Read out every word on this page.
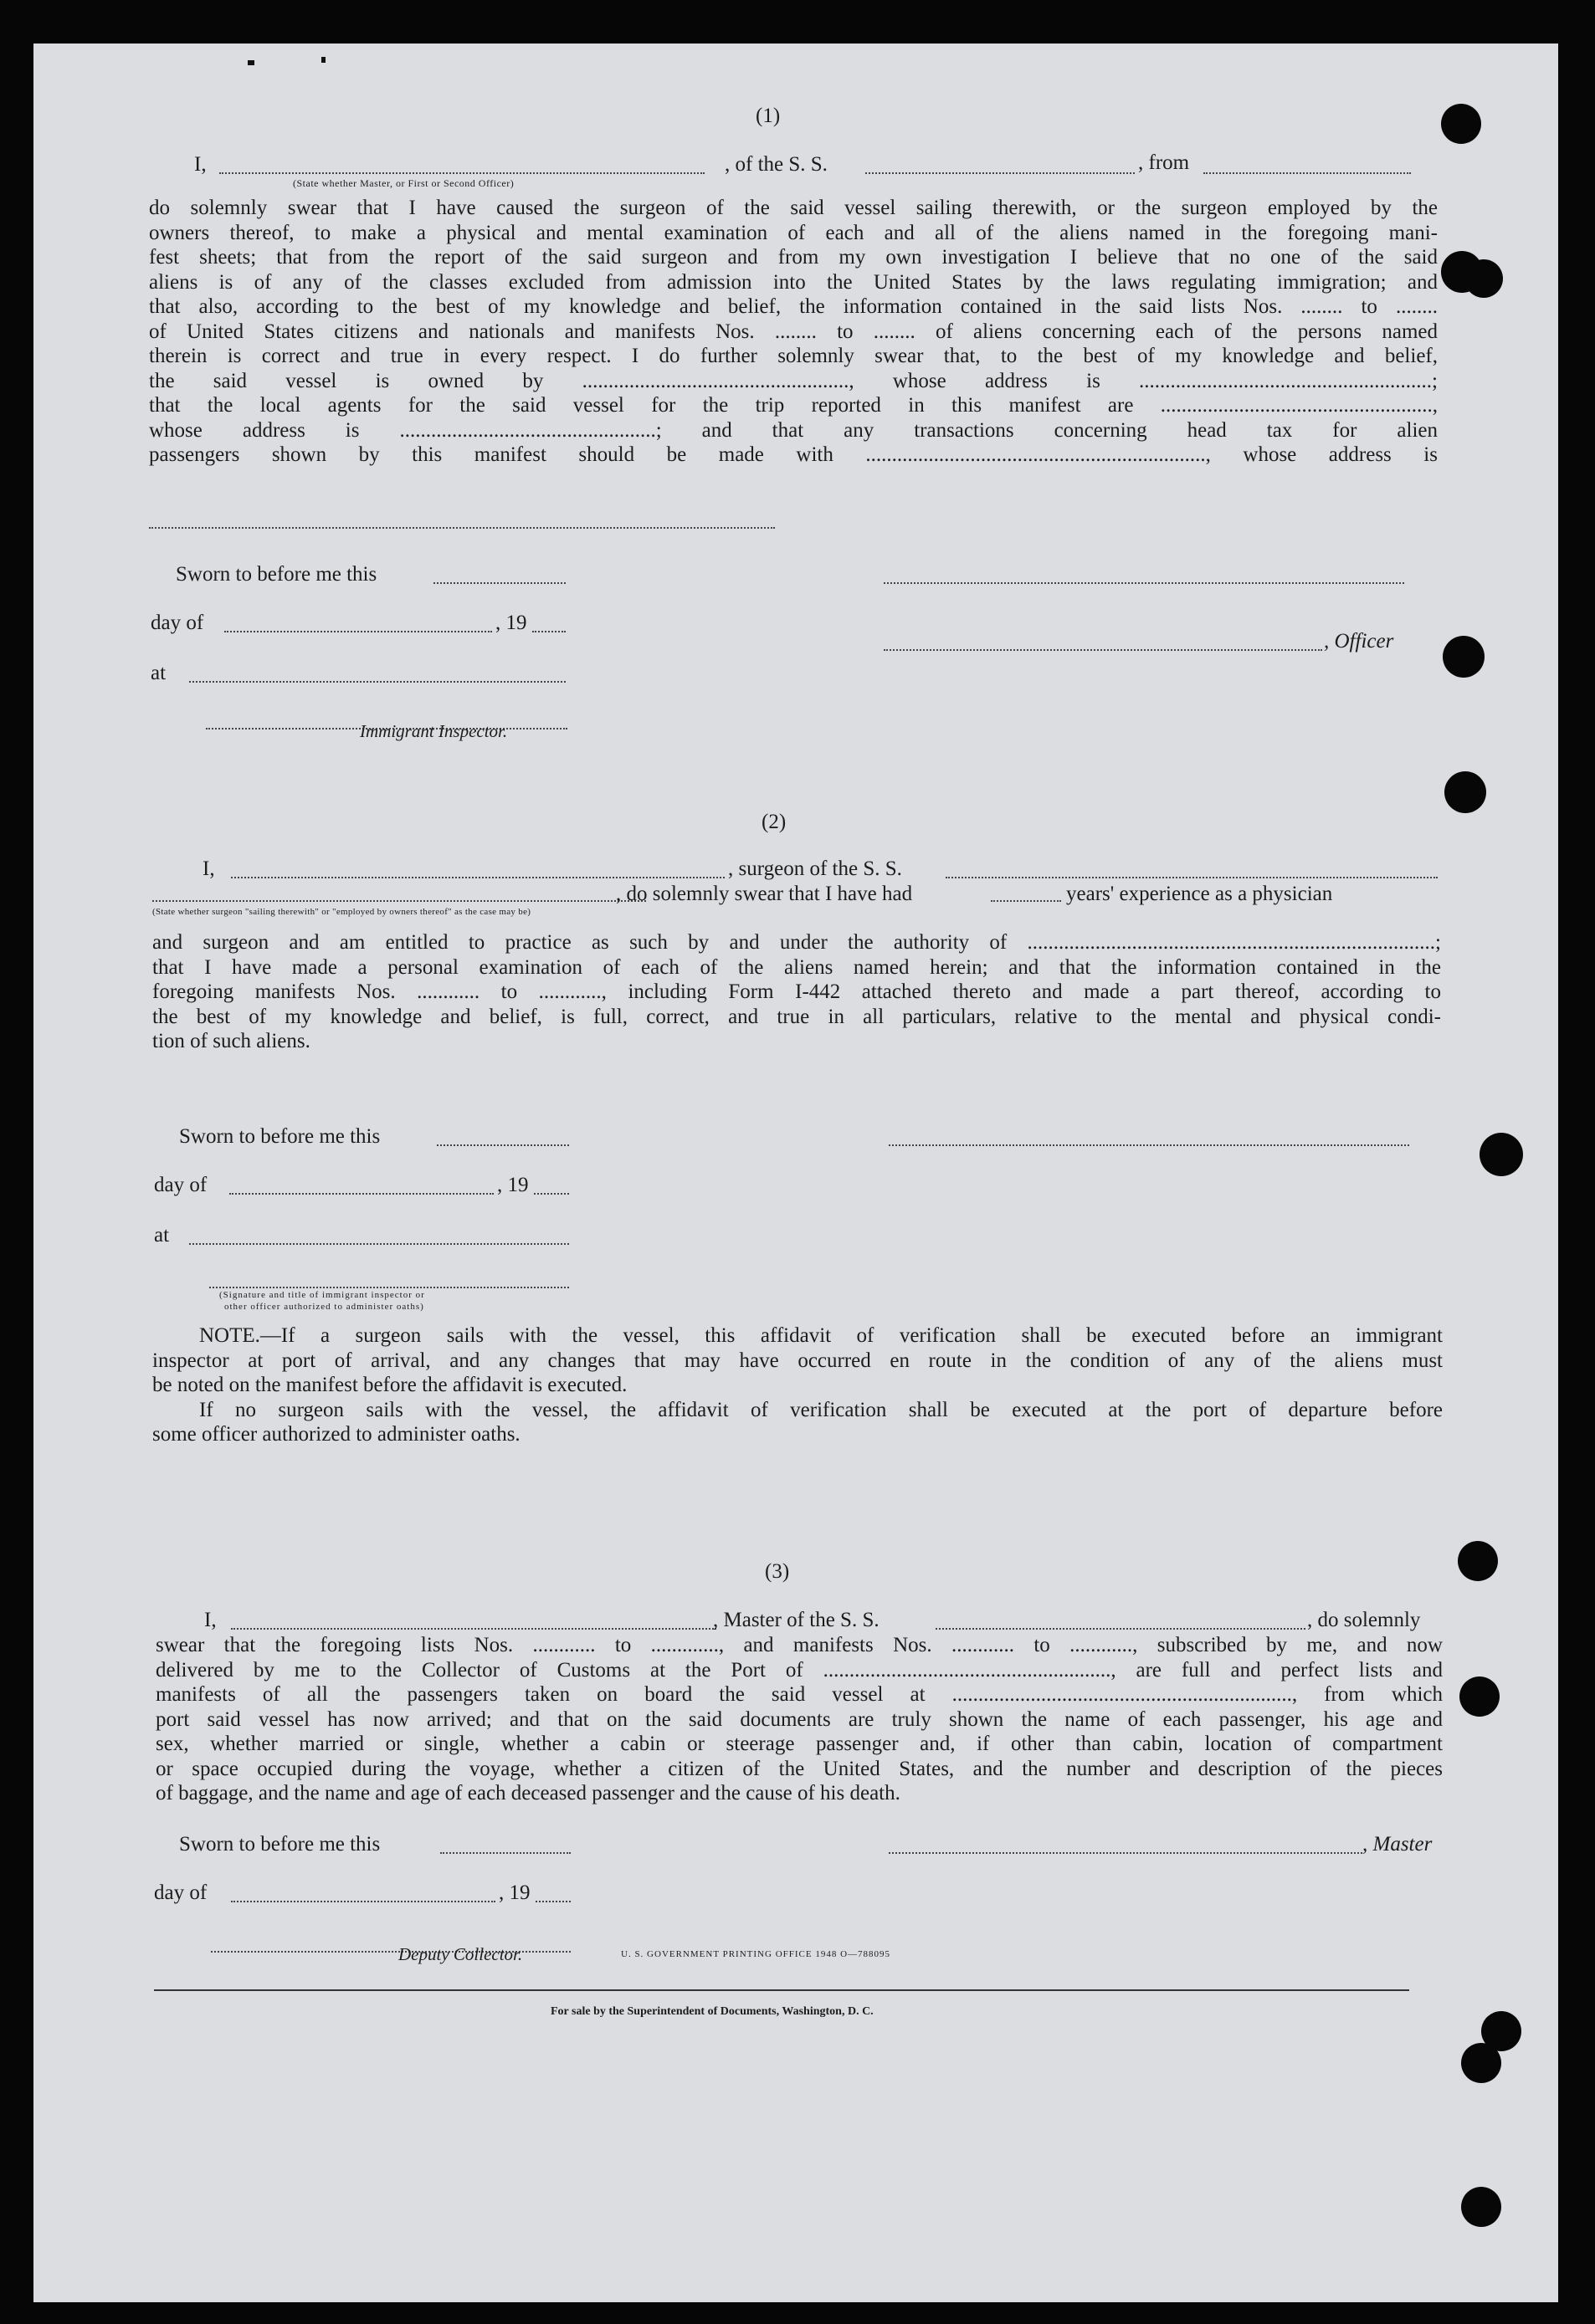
(1)
I,	, of the S. S.	, from
(State whether Master, or First or Second Officer)
do solemnly swear that I have caused the surgeon of the said vessel sailing therewith, or the surgeon employed by the
owners thereof, to make a physical and mental examination of each and all of the aliens named in the foregoing mani-
fest sheets; that from the report of the said surgeon and from my own investigation I believe that no one of the said
aliens is of any of the classes excluded from admission into the United States by the laws regulating immigration; and
that also, according to the best of my knowledge and belief, the information contained in the said lists Nos. ........ to ........
of United States citizens and nationals and manifests Nos. ........ to ........ of aliens concerning each of the persons named
therein is correct and true in every respect. I do further solemnly swear that, to the best of my knowledge and belief,
the said vessel is owned by ..................................................., whose address is ........................................................;
that the local agents for the said vessel for the trip reported in this manifest are ....................................................,
whose address is .................................................; and that any transactions concerning head tax for alien
passengers shown by this manifest should be made with ................................................................., whose address is
Sworn to before me this
day of	, 19
, Officer
at
Immigrant Inspector.
(2)
I,	, surgeon of the S. S.
, do solemnly swear that I have had	years' experience as a physician
(State whether surgeon "sailing therewith" or "employed by owners thereof" as the case may be)
and surgeon and am entitled to practice as such by and under the authority of ..............................................................................;
that I have made a personal examination of each of the aliens named herein; and that the information contained in the
foregoing manifests Nos. ............ to ............, including Form I-442 attached thereto and made a part thereof, according to
the best of my knowledge and belief, is full, correct, and true in all particulars, relative to the mental and physical condi-
tion of such aliens.
Sworn to before me this
day of	, 19
at
(Signature and title of immigrant inspector or
other officer authorized to administer oaths)
NOTE.—If a surgeon sails with the vessel, this affidavit of verification shall be executed before an immigrant
inspector at port of arrival, and any changes that may have occurred en route in the condition of any of the aliens must
be noted on the manifest before the affidavit is executed.
If no surgeon sails with the vessel, the affidavit of verification shall be executed at the port of departure before
some officer authorized to administer oaths.
(3)
I,	, Master of the S. S.	, do solemnly
swear that the foregoing lists Nos. ............ to ............., and manifests Nos. ............ to ............, subscribed by me, and now
delivered by me to the Collector of Customs at the Port of ......................................................., are full and perfect lists and
manifests of all the passengers taken on board the said vessel at ................................................................., from which
port said vessel has now arrived; and that on the said documents are truly shown the name of each passenger, his age and
sex, whether married or single, whether a cabin or steerage passenger and, if other than cabin, location of compartment
or space occupied during the voyage, whether a citizen of the United States, and the number and description of the pieces
of baggage, and the name and age of each deceased passenger and the cause of his death.
Sworn to before me this	, Master
day of	, 19
Deputy Collector.	U. S. GOVERNMENT PRINTING OFFICE 1948 O—788095
For sale by the Superintendent of Documents, Washington, D. C.
